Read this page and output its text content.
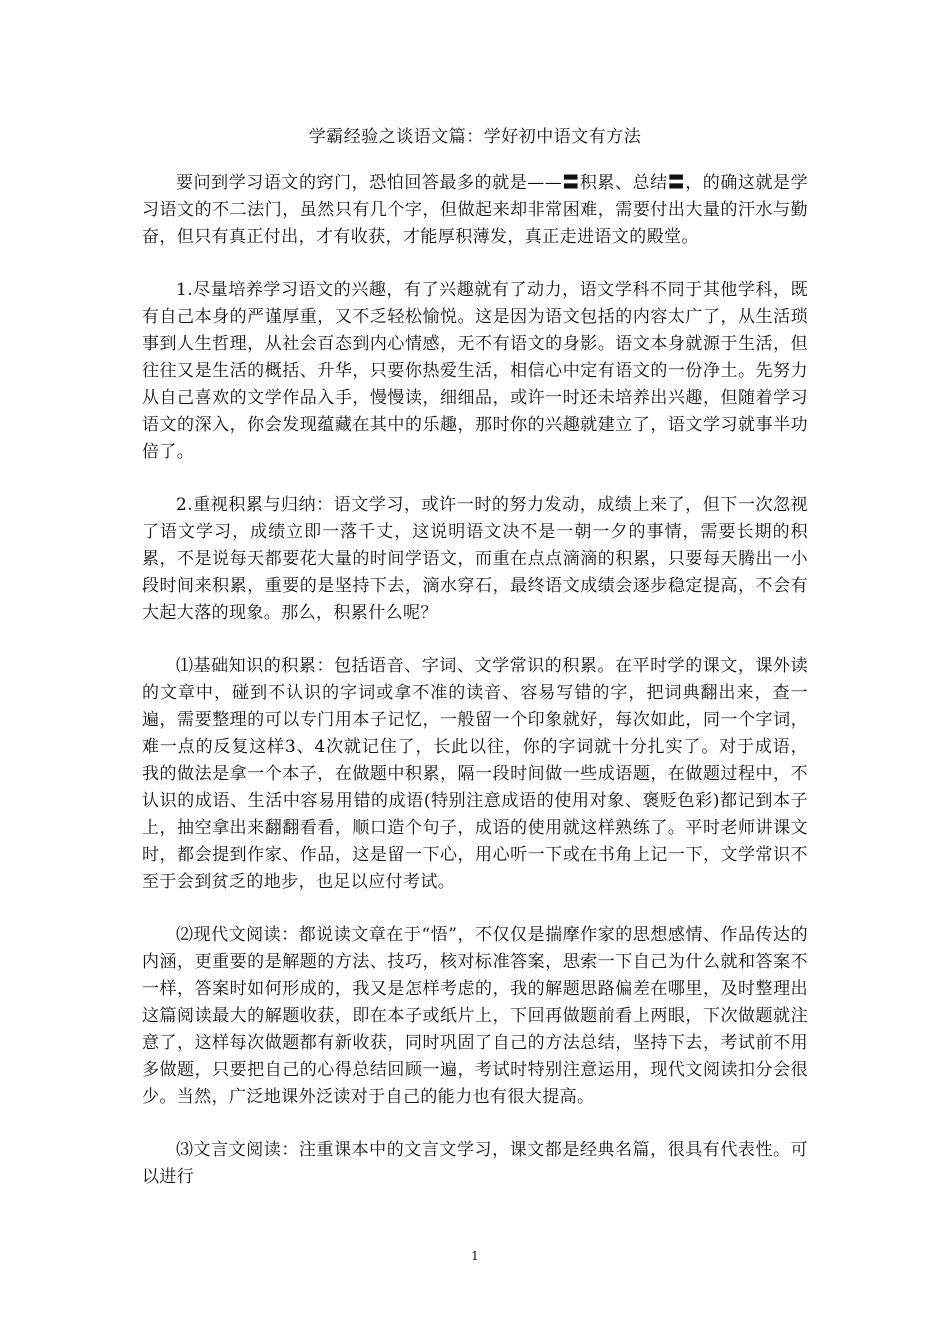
学霸经验之谈语文篇：学好初中语文有方法

要问到学习语文的窍门，恐怕回答最多的就是——〓积累、总结〓，的确这就是学习语文的不二法门，虽然只有几个字，但做起来却非常困难，需要付出大量的汗水与勤奋，但只有真正付出，才有收获，才能厚积薄发，真正走进语文的殿堂。

1.尽量培养学习语文的兴趣，有了兴趣就有了动力，语文学科不同于其他学科，既有自己本身的严谨厚重，又不乏轻松愉悦。这是因为语文包括的内容太广了，从生活琐事到人生哲理，从社会百态到内心情感，无不有语文的身影。语文本身就源于生活，但往往又是生活的概括、升华，只要你热爱生活，相信心中定有语文的一份净土。先努力从自己喜欢的文学作品入手，慢慢读，细细品，或许一时还未培养出兴趣，但随着学习语文的深入，你会发现蕴藏在其中的乐趣，那时你的兴趣就建立了，语文学习就事半功倍了。

2.重视积累与归纳：语文学习，或许一时的努力发动，成绩上来了，但下一次忽视了语文学习，成绩立即一落千丈，这说明语文决不是一朝一夕的事情，需要长期的积累，不是说每天都要花大量的时间学语文，而重在点点滴滴的积累，只要每天腾出一小段时间来积累，重要的是坚持下去，滴水穿石，最终语文成绩会逐步稳定提高，不会有大起大落的现象。那么，积累什么呢？

⑴基础知识的积累：包括语音、字词、文学常识的积累。在平时学的课文，课外读的文章中，碰到不认识的字词或拿不准的读音、容易写错的字，把词典翻出来，查一遍，需要整理的可以专门用本子记忆，一般留一个印象就好，每次如此，同一个字词，难一点的反复这样3、4次就记住了，长此以往，你的字词就十分扎实了。对于成语，我的做法是拿一个本子，在做题中积累，隔一段时间做一些成语题，在做题过程中，不认识的成语、生活中容易用错的成语(特别注意成语的使用对象、褒贬色彩)都记到本子上，抽空拿出来翻翻看看，顺口造个句子，成语的使用就这样熟练了。平时老师讲课文时，都会提到作家、作品，这是留一下心，用心听一下或在书角上记一下，文学常识不至于会到贫乏的地步，也足以应付考试。

⑵现代文阅读：都说读文章在于“悟”，不仅仅是揣摩作家的思想感情、作品传达的内涵，更重要的是解题的方法、技巧，核对标准答案，思索一下自己为什么就和答案不一样，答案时如何形成的，我又是怎样考虑的，我的解题思路偏差在哪里，及时整理出这篇阅读最大的解题收获，即在本子或纸片上，下回再做题前看上两眼，下次做题就注意了，这样每次做题都有新收获，同时巩固了自己的方法总结，坚持下去，考试前不用多做题，只要把自己的心得总结回顾一遍，考试时特别注意运用，现代文阅读扣分会很少。当然，广泛地课外泛读对于自己的能力也有很大提高。

⑶文言文阅读：注重课本中的文言文学习，课文都是经典名篇，很具有代表性。可以进行

1
